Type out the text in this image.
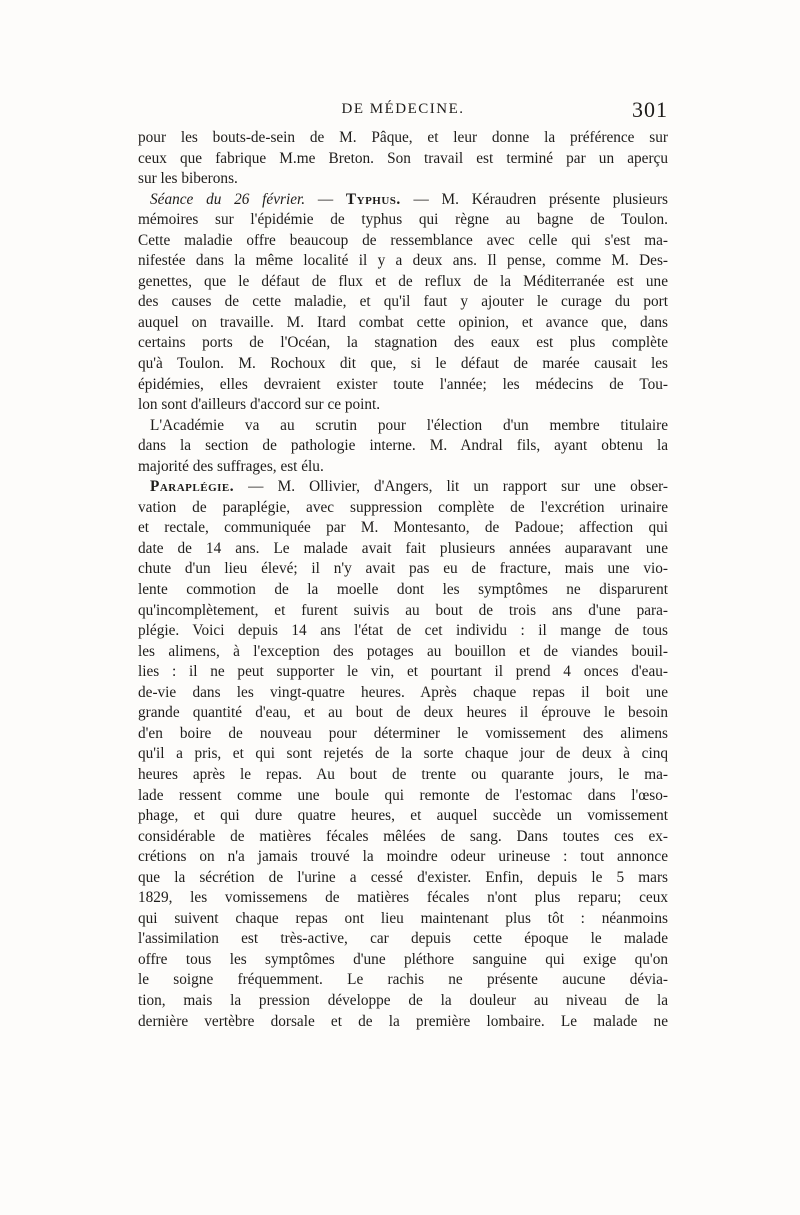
DE MÉDECINE.	301

pour les bouts-de-sein de M. Pâque, et leur donne la préférence sur
ceux que fabrique M.me Breton. Son travail est terminé par un aperçu
sur les biberons.

Séance du 26 février. — Typhus. — M. Kéraudren présente plusieurs
mémoires sur l'épidémie de typhus qui règne au bagne de Toulon.
Cette maladie offre beaucoup de ressemblance avec celle qui s'est ma-
nifestée dans la même localité il y a deux ans. Il pense, comme M. Des-
genettes, que le défaut de flux et de reflux de la Méditerranée est une
des causes de cette maladie, et qu'il faut y ajouter le curage du port
auquel on travaille. M. Itard combat cette opinion, et avance que, dans
certains ports de l'Océan, la stagnation des eaux est plus complète
qu'à Toulon. M. Rochoux dit que, si le défaut de marée causait les
épidémies, elles devraient exister toute l'année; les médecins de Tou-
lon sont d'ailleurs d'accord sur ce point.

L'Académie va au scrutin pour l'élection d'un membre titulaire
dans la section de pathologie interne. M. Andral fils, ayant obtenu la
majorité des suffrages, est élu.

Paraplégie. — M. Ollivier, d'Angers, lit un rapport sur une obser-
vation de paraplégie, avec suppression complète de l'excrétion urinaire
et rectale, communiquée par M. Montesanto, de Padoue; affection qui
date de 14 ans. Le malade avait fait plusieurs années auparavant une
chute d'un lieu élevé; il n'y avait pas eu de fracture, mais une vio-
lente commotion de la moelle dont les symptômes ne disparurent
qu'incomplètement, et furent suivis au bout de trois ans d'une para-
plégie. Voici depuis 14 ans l'état de cet individu : il mange de tous
les alimens, à l'exception des potages au bouillon et de viandes bouil-
lies : il ne peut supporter le vin, et pourtant il prend 4 onces d'eau-
de-vie dans les vingt-quatre heures. Après chaque repas il boit une
grande quantité d'eau, et au bout de deux heures il éprouve le besoin
d'en boire de nouveau pour déterminer le vomissement des alimens
qu'il a pris, et qui sont rejetés de la sorte chaque jour de deux à cinq
heures après le repas. Au bout de trente ou quarante jours, le ma-
lade ressent comme une boule qui remonte de l'estomac dans l'œso-
phage, et qui dure quatre heures, et auquel succède un vomissement
considérable de matières fécales mêlées de sang. Dans toutes ces ex-
crétions on n'a jamais trouvé la moindre odeur urineuse : tout annonce
que la sécrétion de l'urine a cessé d'exister. Enfin, depuis le 5 mars
1829, les vomissemens de matières fécales n'ont plus reparu; ceux
qui suivent chaque repas ont lieu maintenant plus tôt : néanmoins
l'assimilation est très-active, car depuis cette époque le malade
offre tous les symptômes d'une pléthore sanguine qui exige qu'on
le soigne fréquemment. Le rachis ne présente aucune dévia-
tion, mais la pression développe de la douleur au niveau de la
dernière vertèbre dorsale et de la première lombaire. Le malade ne
